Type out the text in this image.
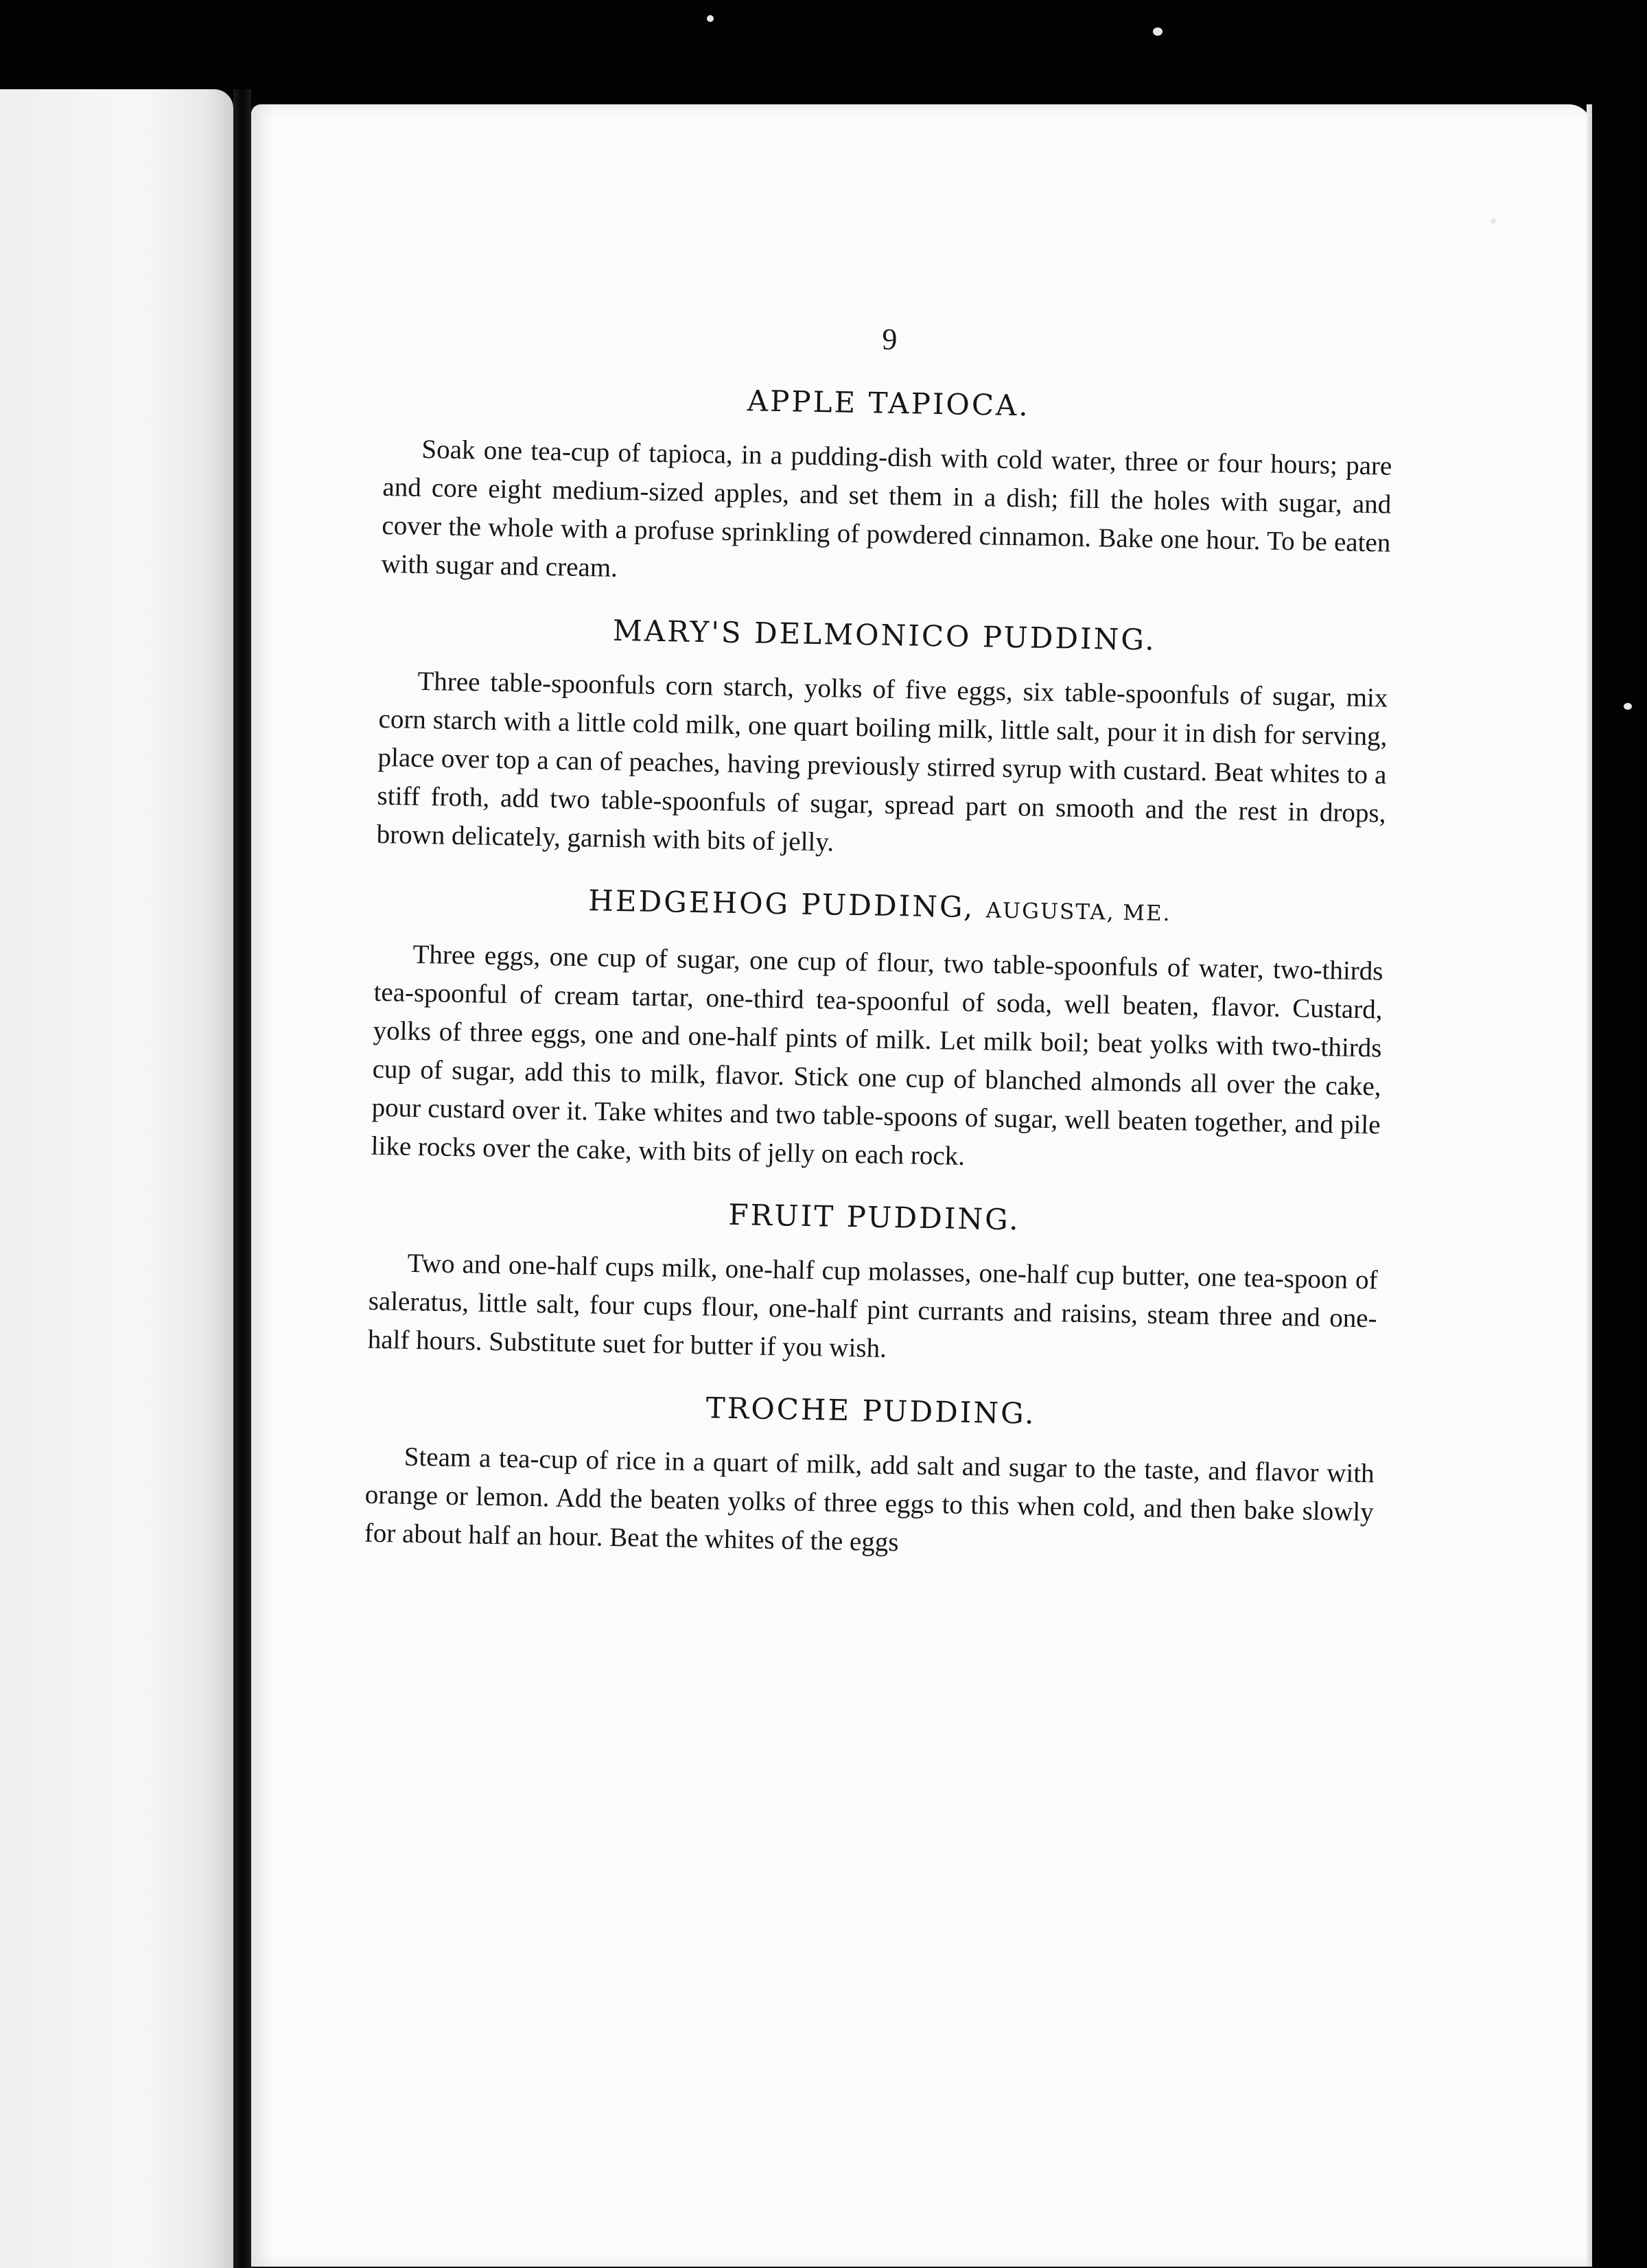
9
APPLE TAPIOCA.

Soak one tea-cup of tapioca, in a pudding-dish with cold water, three or four hours; pare and core eight medium-sized apples, and set them in a dish; fill the holes with sugar, and cover the whole with a profuse sprinkling of powdered cinnamon. Bake one hour. To be eaten with sugar and cream.

MARY'S DELMONICO PUDDING.

Three table-spoonfuls corn starch, yolks of five eggs, six table-spoonfuls of sugar, mix corn starch with a little cold milk, one quart boiling milk, little salt, pour it in dish for serving, place over top a can of peaches, having previously stirred syrup with custard. Beat whites to a stiff froth, add two table-spoonfuls of sugar, spread part on smooth and the rest in drops, brown delicately, garnish with bits of jelly.

HEDGEHOG PUDDING, AUGUSTA, ME.

Three eggs, one cup of sugar, one cup of flour, two table-spoonfuls of water, two-thirds tea-spoonful of cream tartar, one-third tea-spoonful of soda, well beaten, flavor. Custard, yolks of three eggs, one and one-half pints of milk. Let milk boil; beat yolks with two-thirds cup of sugar, add this to milk, flavor. Stick one cup of blanched almonds all over the cake, pour custard over it. Take whites and two table-spoons of sugar, well beaten together, and pile like rocks over the cake, with bits of jelly on each rock.

FRUIT PUDDING.

Two and one-half cups milk, one-half cup molasses, one-half cup butter, one tea-spoon of saleratus, little salt, four cups flour, one-half pint currants and raisins, steam three and one-half hours. Substitute suet for butter if you wish.

TROCHE PUDDING.

Steam a tea-cup of rice in a quart of milk, add salt and sugar to the taste, and flavor with orange or lemon. Add the beaten yolks of three eggs to this when cold, and then bake slowly for about half an hour. Beat the whites of the eggs
